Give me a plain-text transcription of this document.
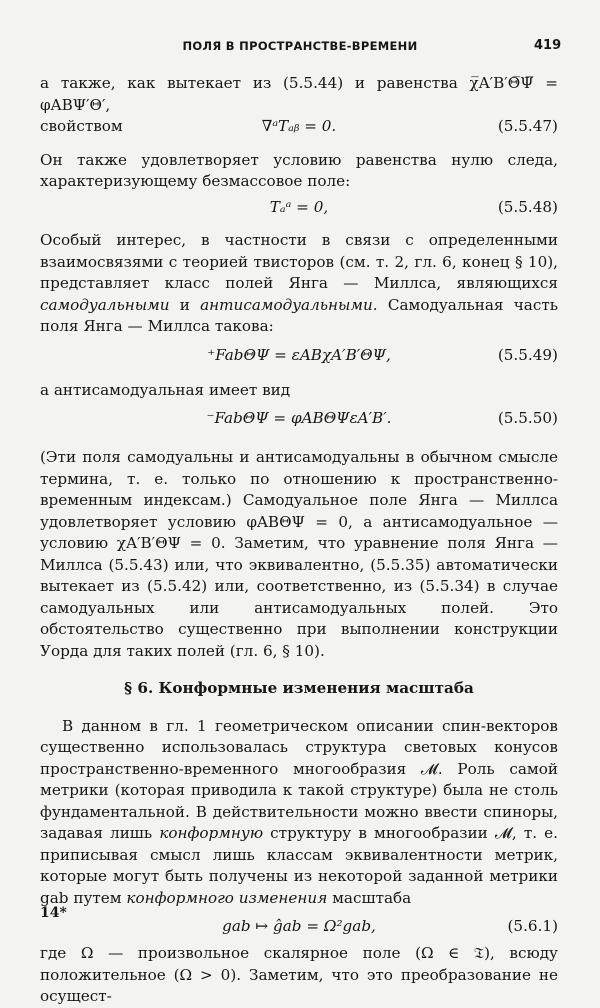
ПОЛЯ В ПРОСТРАНСТВЕ-ВРЕМЕНИ	419

а также, как вытекает из (5.5.44) и равенства χ̅A′B′Θ̅Ψ̅ = φABΨ′Θ′,

свойством	∇ᵃTₐᵦ = 0.	(5.5.47)

Он также удовлетворяет условию равенства нулю следа, характеризующему безмассовое поле:

Tₐᵃ = 0,	(5.5.48)

Особый интерес, в частности в связи с определенными взаимосвязями с теорией твисторов (см. т. 2, гл. 6, конец § 10), представляет класс полей Янга — Миллса, являющихся самодуальными и антисамодуальными. Самодуальная часть поля Янга — Миллса такова:

⁺FabΘΨ = εABχA′B′ΘΨ,	(5.5.49)

а антисамодуальная имеет вид

⁻FabΘΨ = φABΘΨεA′B′.	(5.5.50)

(Эти поля самодуальны и антисамодуальны в обычном смысле термина, т. е. только по отношению к пространственно-временным индексам.) Самодуальное поле Янга — Миллса удовлетворяет условию φABΘΨ = 0, а антисамодуальное — условию χA′B′ΘΨ = 0. Заметим, что уравнение поля Янга — Миллса (5.5.43) или, что эквивалентно, (5.5.35) автоматически вытекает из (5.5.42) или, соответственно, из (5.5.34) в случае самодуальных или антисамодуальных полей. Это обстоятельство существенно при выполнении конструкции Уорда для таких полей (гл. 6, § 10).

§ 6. Конформные изменения масштаба

В данном в гл. 1 геометрическом описании спин-векторов существенно использовалась структура световых конусов пространственно-временного многообразия 𝓜. Роль самой метрики (которая приводила к такой структуре) была не столь фундаментальной. В действительности можно ввести спиноры, задавая лишь конформную структуру в многообразии 𝓜, т. е. приписывая смысл лишь классам эквивалентности метрик, которые могут быть получены из некоторой заданной метрики gab путем конформного изменения масштаба

gab ↦ ĝab = Ω²gab,	(5.6.1)

где Ω — произвольное скалярное поле (Ω ∈ 𝔗), всюду положительное (Ω > 0). Заметим, что это преобразование не осущест-

14*
